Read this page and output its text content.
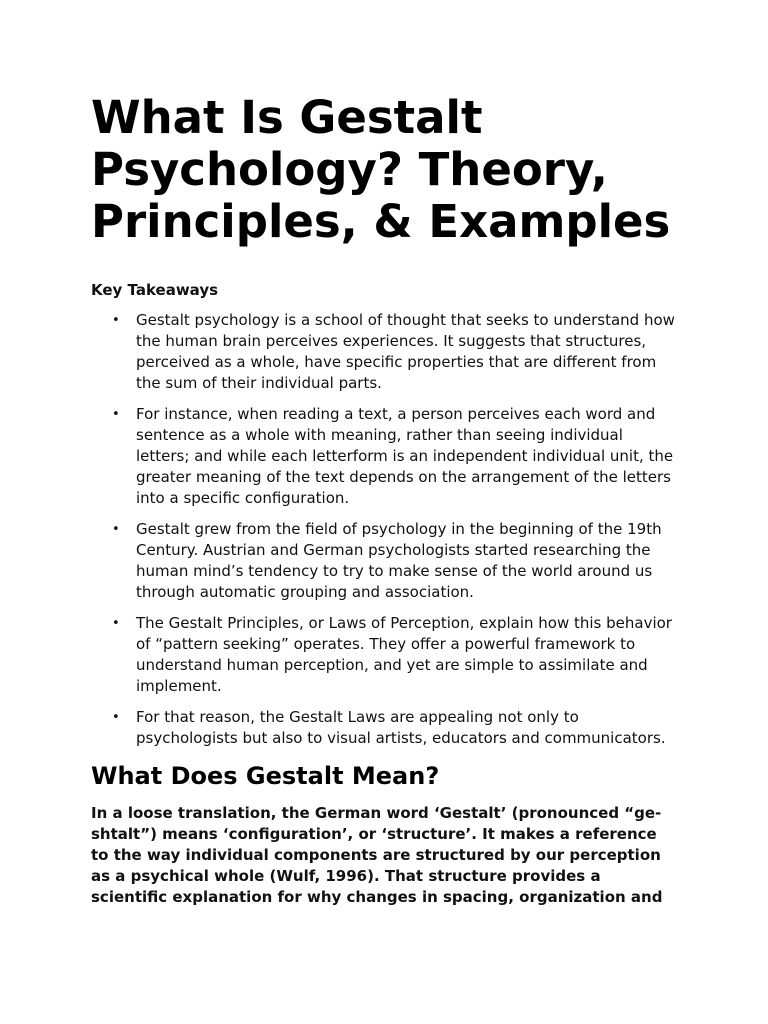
What Is Gestalt Psychology? Theory, Principles, & Examples
Key Takeaways
• Gestalt psychology is a school of thought that seeks to understand how the human brain perceives experiences. It suggests that structures, perceived as a whole, have specific properties that are different from the sum of their individual parts.
• For instance, when reading a text, a person perceives each word and sentence as a whole with meaning, rather than seeing individual letters; and while each letterform is an independent individual unit, the greater meaning of the text depends on the arrangement of the letters into a specific configuration.
• Gestalt grew from the field of psychology in the beginning of the 19th Century. Austrian and German psychologists started researching the human mind’s tendency to try to make sense of the world around us through automatic grouping and association.
• The Gestalt Principles, or Laws of Perception, explain how this behavior of “pattern seeking” operates. They offer a powerful framework to understand human perception, and yet are simple to assimilate and implement.
• For that reason, the Gestalt Laws are appealing not only to psychologists but also to visual artists, educators and communicators.
What Does Gestalt Mean?

In a loose translation, the German word ‘Gestalt’ (pronounced “ge-shtalt”) means ‘configuration’, or ‘structure’. It makes a reference to the way individual components are structured by our perception as a psychical whole (Wulf, 1996). That structure provides a scientific explanation for why changes in spacing, organization and
